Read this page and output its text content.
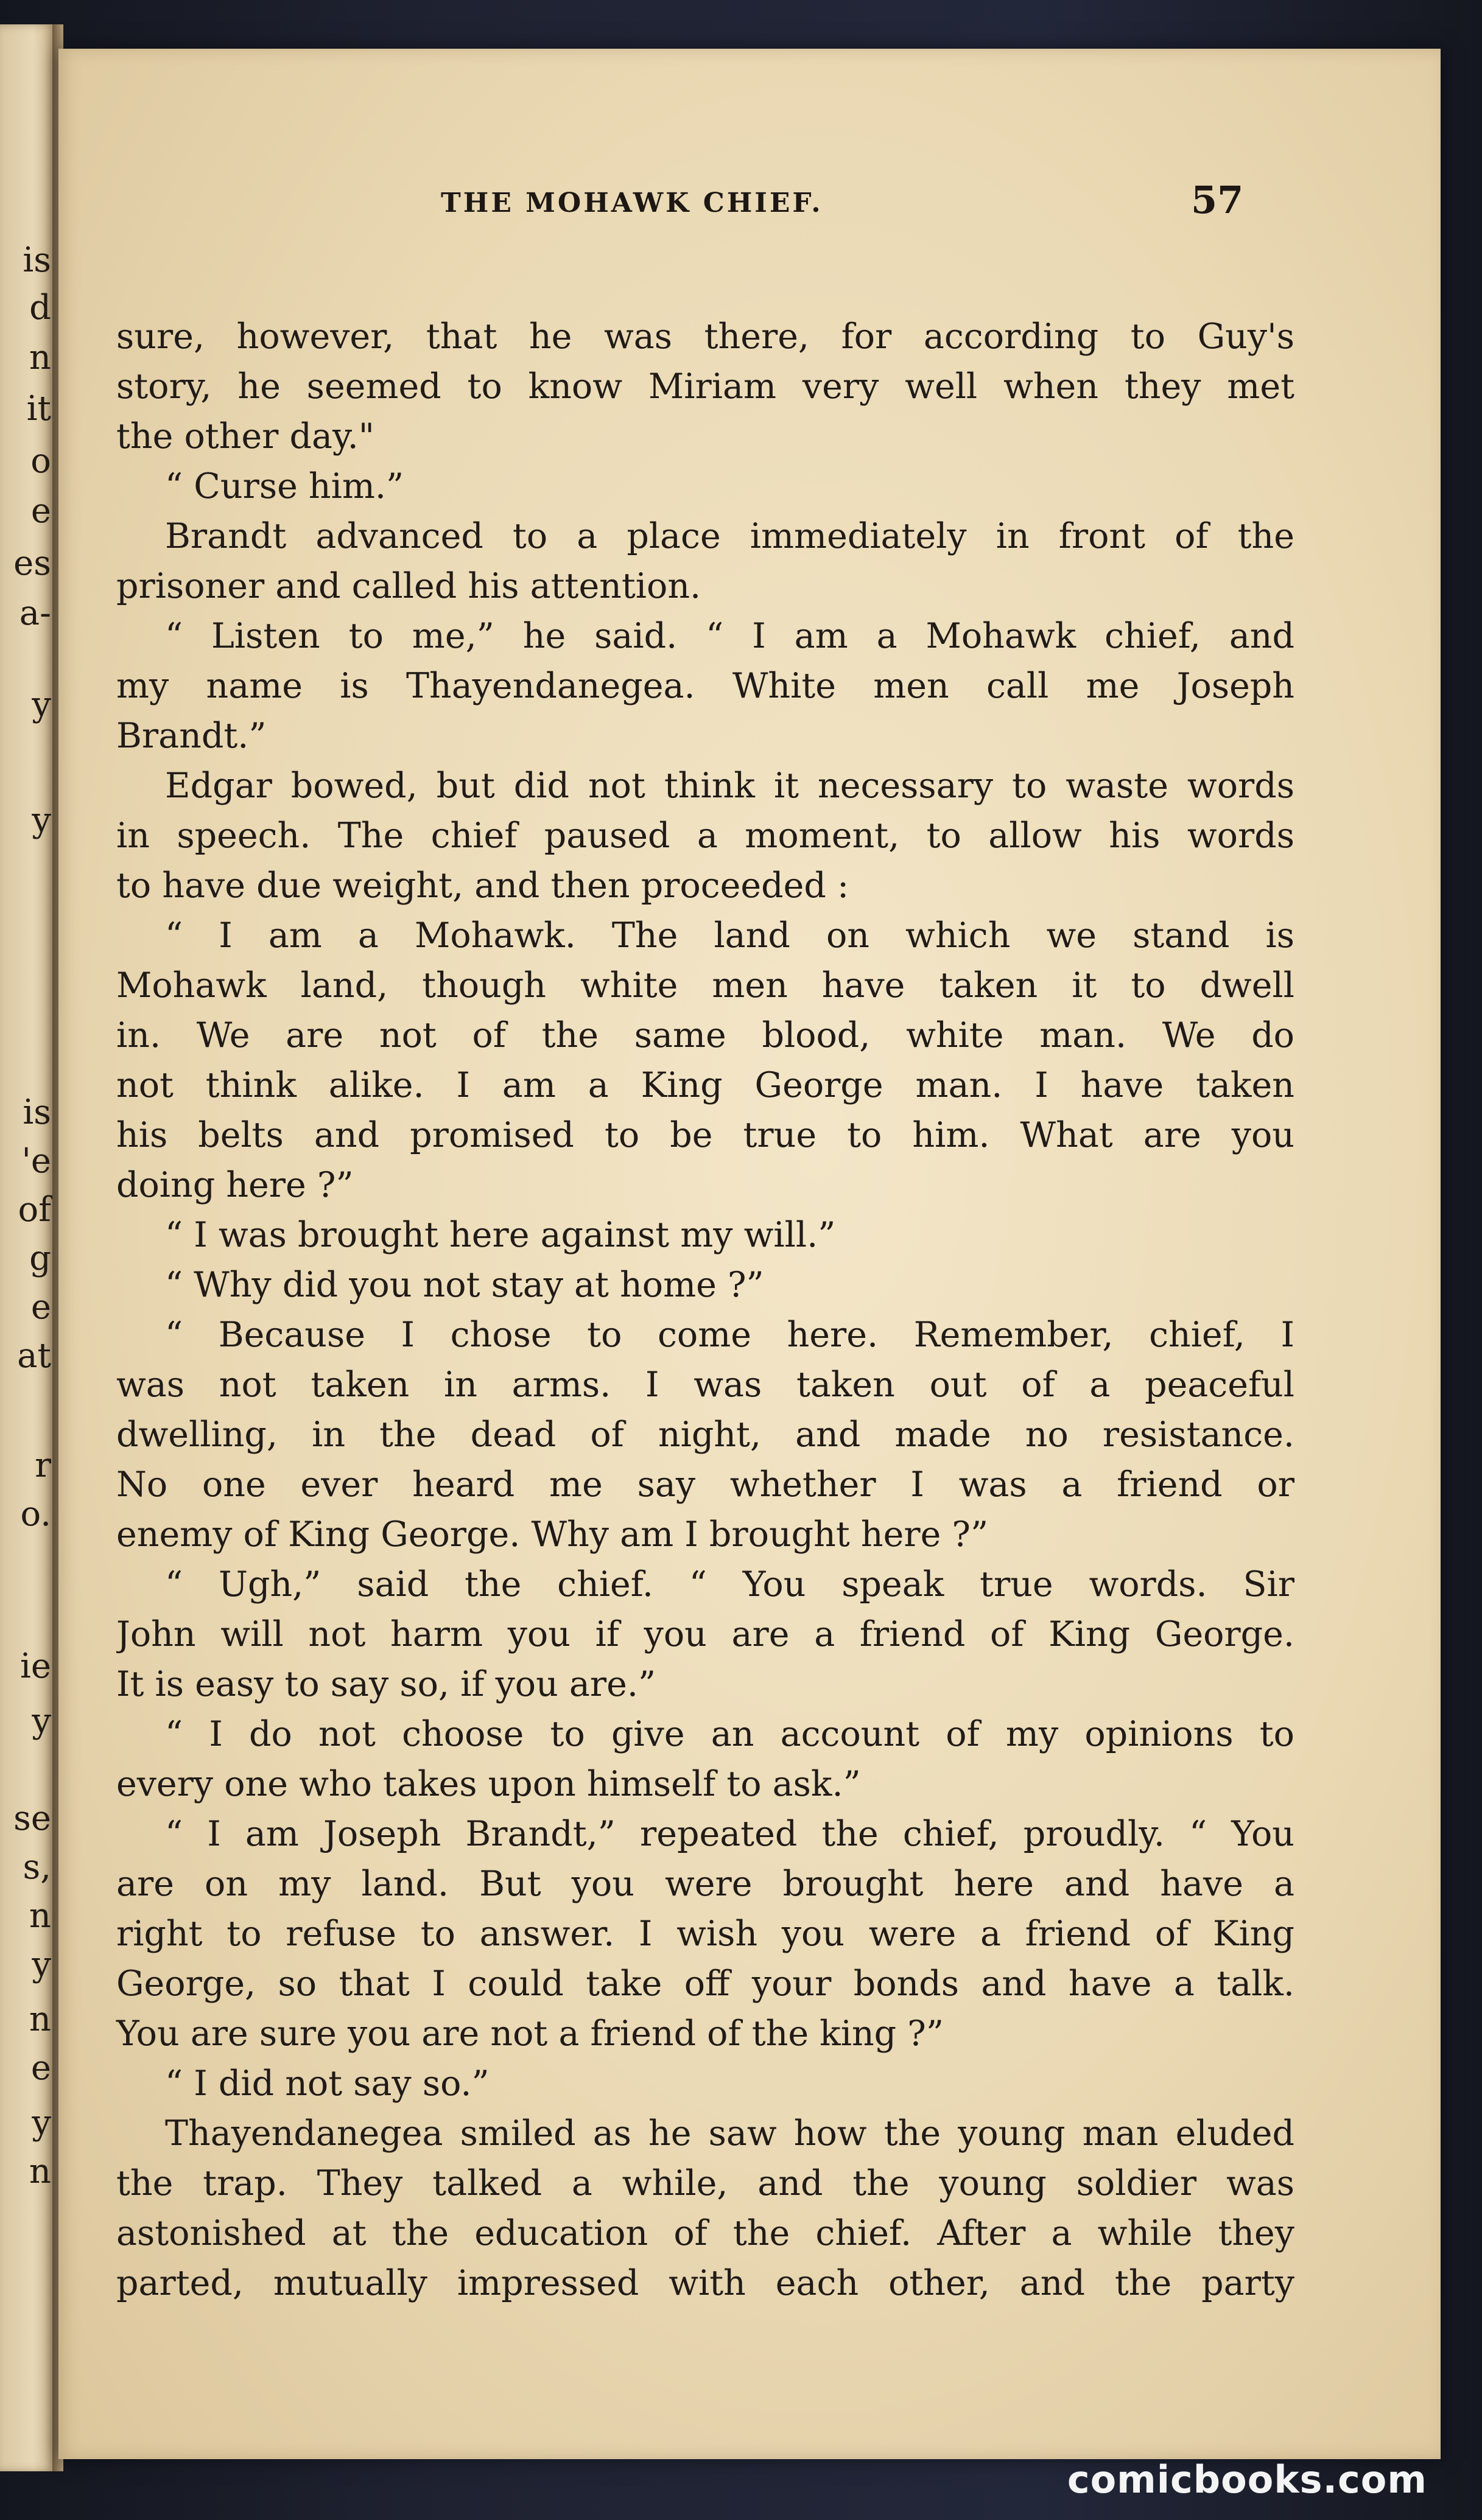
is
d
n
it
o
e
es
a-
y
y
is
'e
of
g
e
at
r
o.
ie
y
se
s,
n
y
n
e
y
n
THE MOHAWK CHIEF.	57
sure, however, that he was there, for according to Guy's
story, he seemed to know Miriam very well when they met
the other day."
“ Curse him.”
Brandt advanced to a place immediately in front of the
prisoner and called his attention.
“ Listen to me,” he said. “ I am a Mohawk chief, and
my name is Thayendanegea. White men call me Joseph
Brandt.”
Edgar bowed, but did not think it necessary to waste words
in speech. The chief paused a moment, to allow his words
to have due weight, and then proceeded :
“ I am a Mohawk. The land on which we stand is
Mohawk land, though white men have taken it to dwell
in. We are not of the same blood, white man. We do
not think alike. I am a King George man. I have taken
his belts and promised to be true to him. What are you
doing here ?”
“ I was brought here against my will.”
“ Why did you not stay at home ?”
“ Because I chose to come here. Remember, chief, I
was not taken in arms. I was taken out of a peaceful
dwelling, in the dead of night, and made no resistance.
No one ever heard me say whether I was a friend or
enemy of King George. Why am I brought here ?”
“ Ugh,” said the chief. “ You speak true words. Sir
John will not harm you if you are a friend of King George.
It is easy to say so, if you are.”
“ I do not choose to give an account of my opinions to
every one who takes upon himself to ask.”
“ I am Joseph Brandt,” repeated the chief, proudly. “ You
are on my land. But you were brought here and have a
right to refuse to answer. I wish you were a friend of King
George, so that I could take off your bonds and have a talk.
You are sure you are not a friend of the king ?”
“ I did not say so.”
Thayendanegea smiled as he saw how the young man eluded
the trap. They talked a while, and the young soldier was
astonished at the education of the chief. After a while they
parted, mutually impressed with each other, and the party
comicbooks.com
